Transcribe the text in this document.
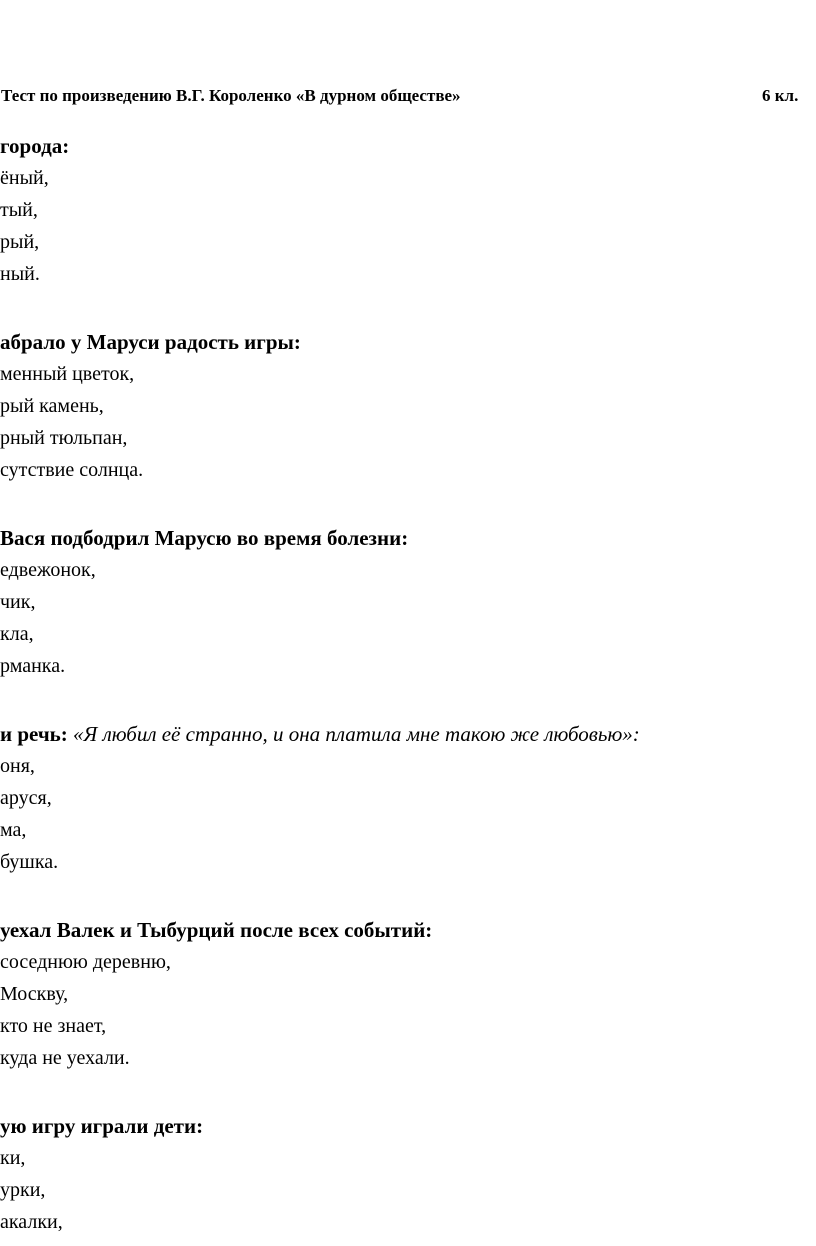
Тест по произведению В.Г. Короленко «В дурном обществе»	6 кл.
города:
ёный,
тый,
рый,
ный.
абрало у Маруси радость игры:
менный цветок,
рый камень,
рный тюльпан,
сутствие солнца.
Вася подбодрил Марусю во время болезни:
едвежонок,
чик,
кла,
рманка.
и речь: «Я любил её странно, и она платила мне такою же любовью»:
оня,
аруся,
ма,
бушка.
уехал Валек и Тыбурций после всех событий:
соседнюю деревню,
Москву,
кто не знает,
куда не уехали.
ую игру играли дети:
ки,
урки,
акалки,
